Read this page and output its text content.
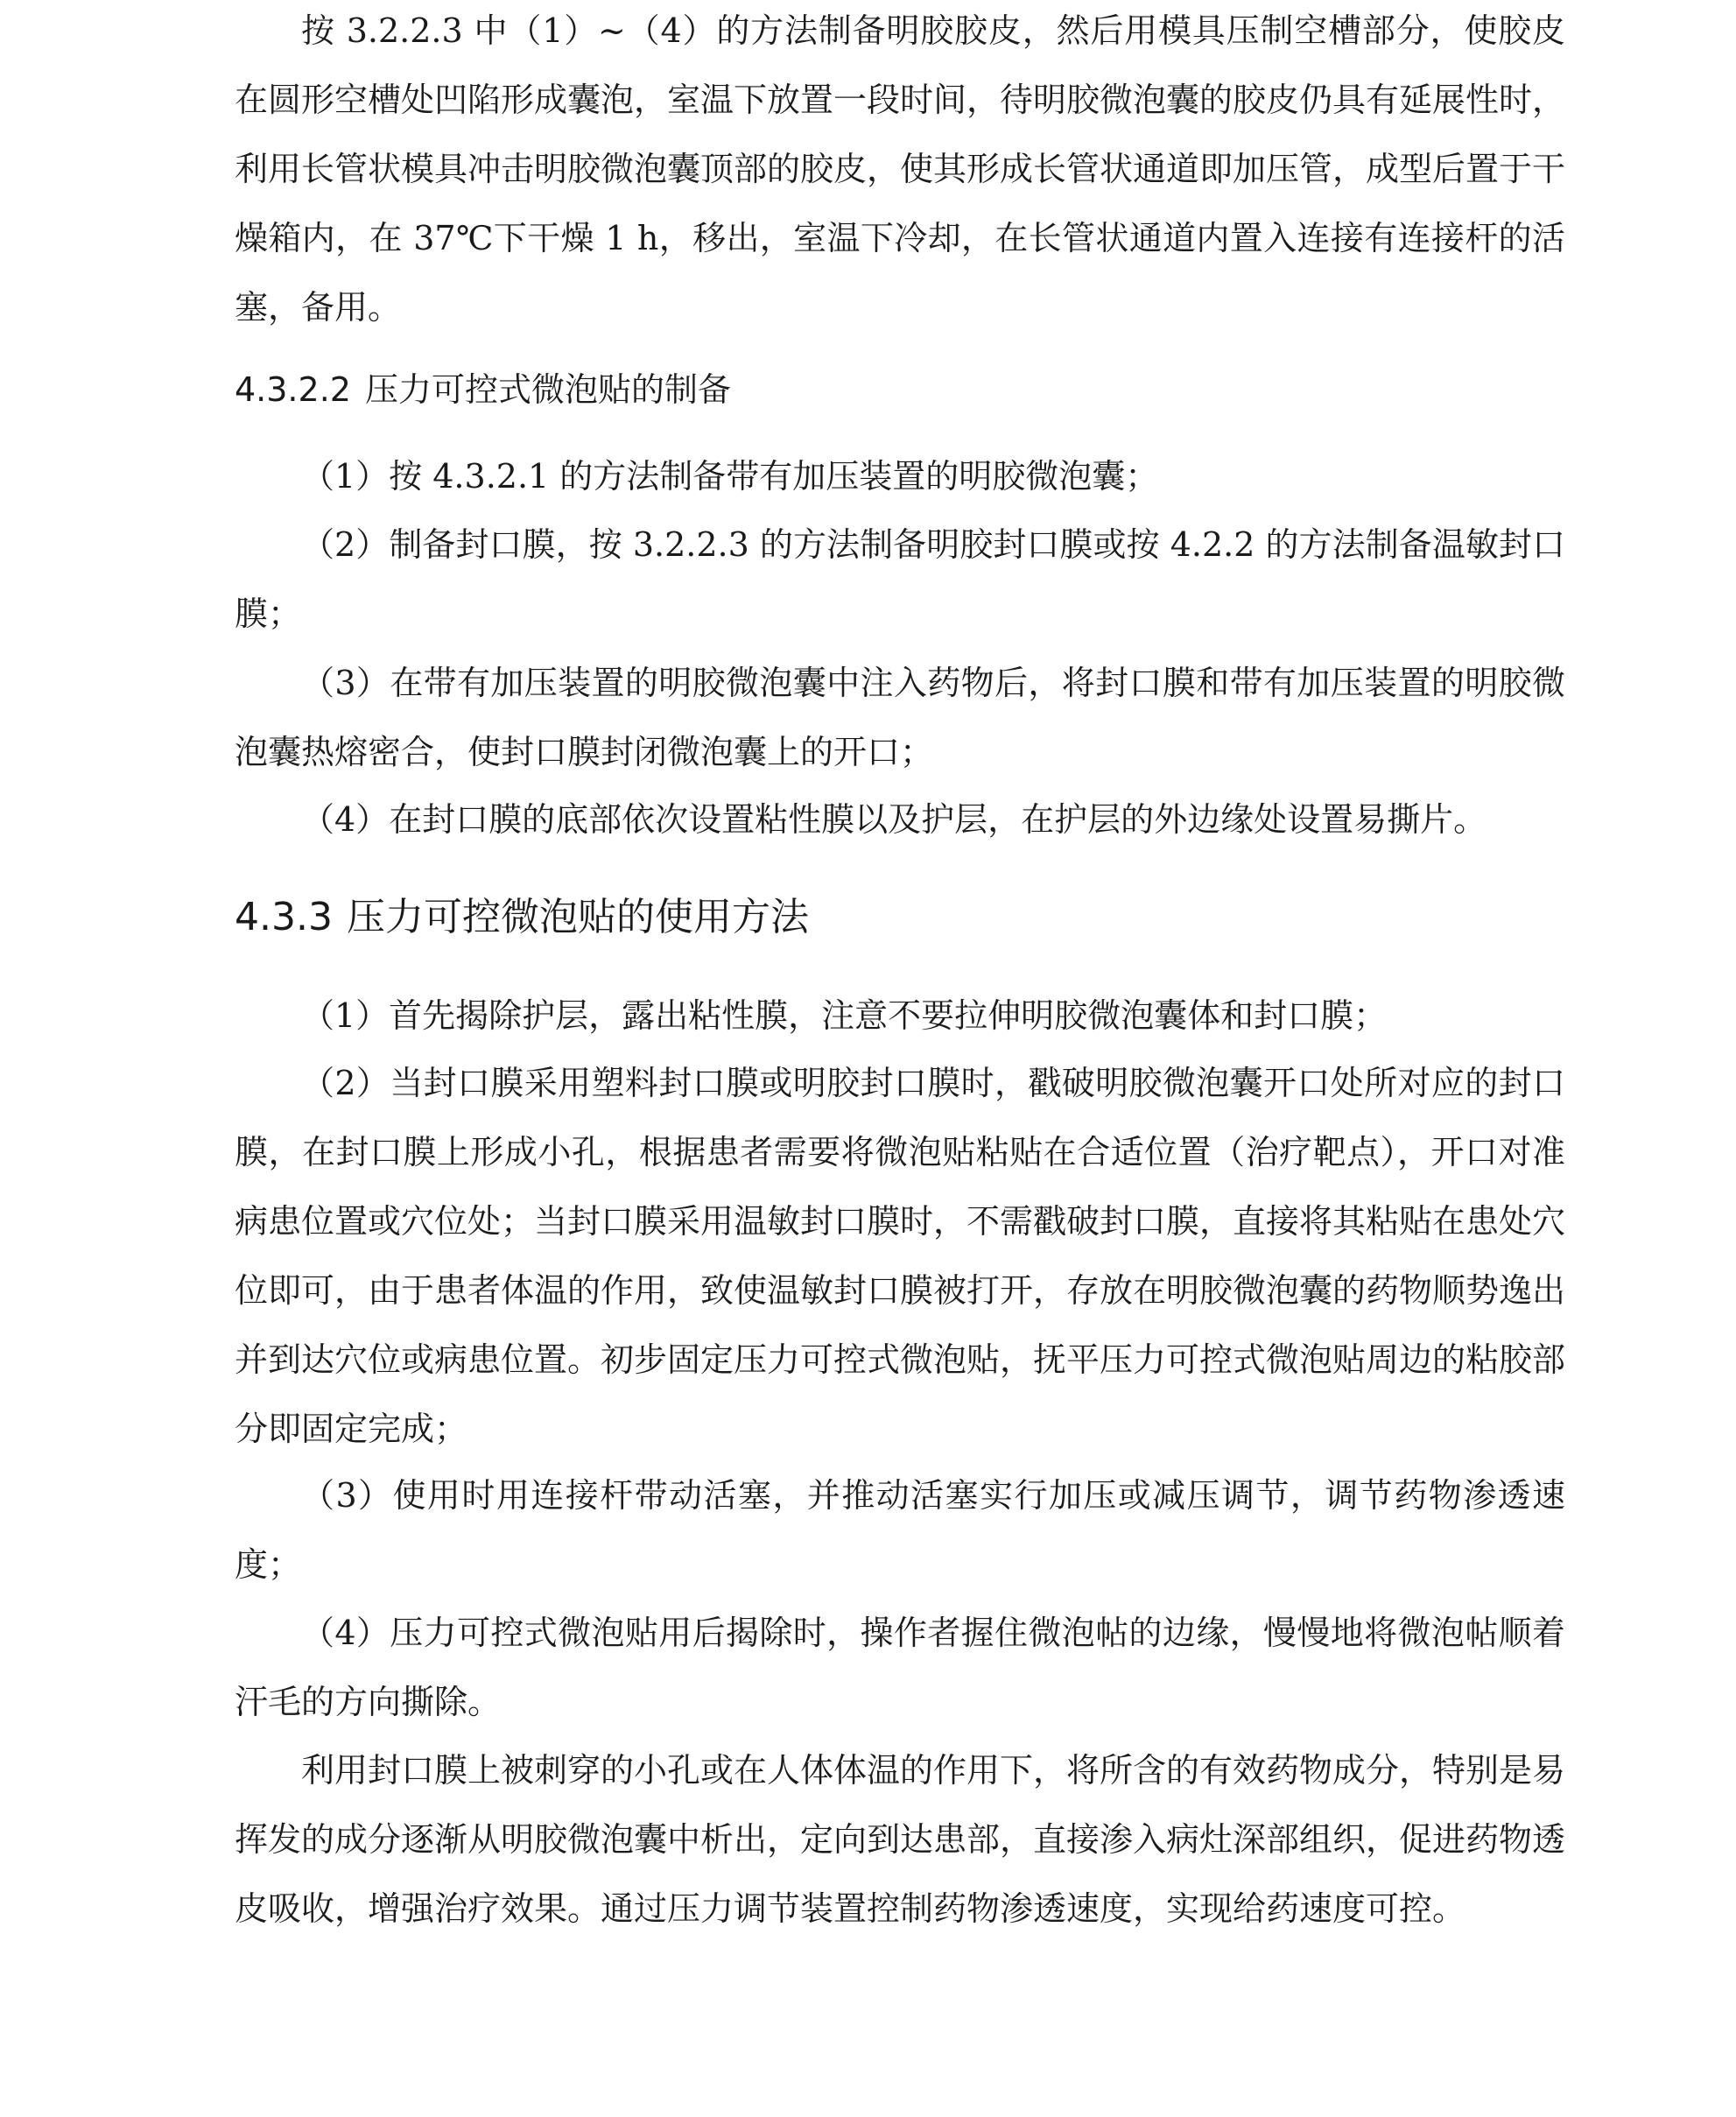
按 3.2.2.3 中（1）~（4）的方法制备明胶胶皮，然后用模具压制空槽部分，使胶皮在圆形空槽处凹陷形成囊泡，室温下放置一段时间，待明胶微泡囊的胶皮仍具有延展性时，利用长管状模具冲击明胶微泡囊顶部的胶皮，使其形成长管状通道即加压管，成型后置于干燥箱内，在 37℃下干燥 1 h，移出，室温下冷却，在长管状通道内置入连接有连接杆的活塞，备用。

4.3.2.2 压力可控式微泡贴的制备

（1）按 4.3.2.1 的方法制备带有加压装置的明胶微泡囊；

（2）制备封口膜，按 3.2.2.3 的方法制备明胶封口膜或按 4.2.2 的方法制备温敏封口膜；

（3）在带有加压装置的明胶微泡囊中注入药物后，将封口膜和带有加压装置的明胶微泡囊热熔密合，使封口膜封闭微泡囊上的开口；

（4）在封口膜的底部依次设置粘性膜以及护层，在护层的外边缘处设置易撕片。

4.3.3 压力可控微泡贴的使用方法

（1）首先揭除护层，露出粘性膜，注意不要拉伸明胶微泡囊体和封口膜；

（2）当封口膜采用塑料封口膜或明胶封口膜时，戳破明胶微泡囊开口处所对应的封口膜，在封口膜上形成小孔，根据患者需要将微泡贴粘贴在合适位置（治疗靶点），开口对准病患位置或穴位处；当封口膜采用温敏封口膜时，不需戳破封口膜，直接将其粘贴在患处穴位即可，由于患者体温的作用，致使温敏封口膜被打开，存放在明胶微泡囊的药物顺势逸出并到达穴位或病患位置。初步固定压力可控式微泡贴，抚平压力可控式微泡贴周边的粘胶部分即固定完成；

（3）使用时用连接杆带动活塞，并推动活塞实行加压或减压调节，调节药物渗透速度；

（4）压力可控式微泡贴用后揭除时，操作者握住微泡帖的边缘，慢慢地将微泡帖顺着汗毛的方向撕除。

利用封口膜上被刺穿的小孔或在人体体温的作用下，将所含的有效药物成分，特别是易挥发的成分逐渐从明胶微泡囊中析出，定向到达患部，直接渗入病灶深部组织，促进药物透皮吸收，增强治疗效果。通过压力调节装置控制药物渗透速度，实现给药速度可控。
